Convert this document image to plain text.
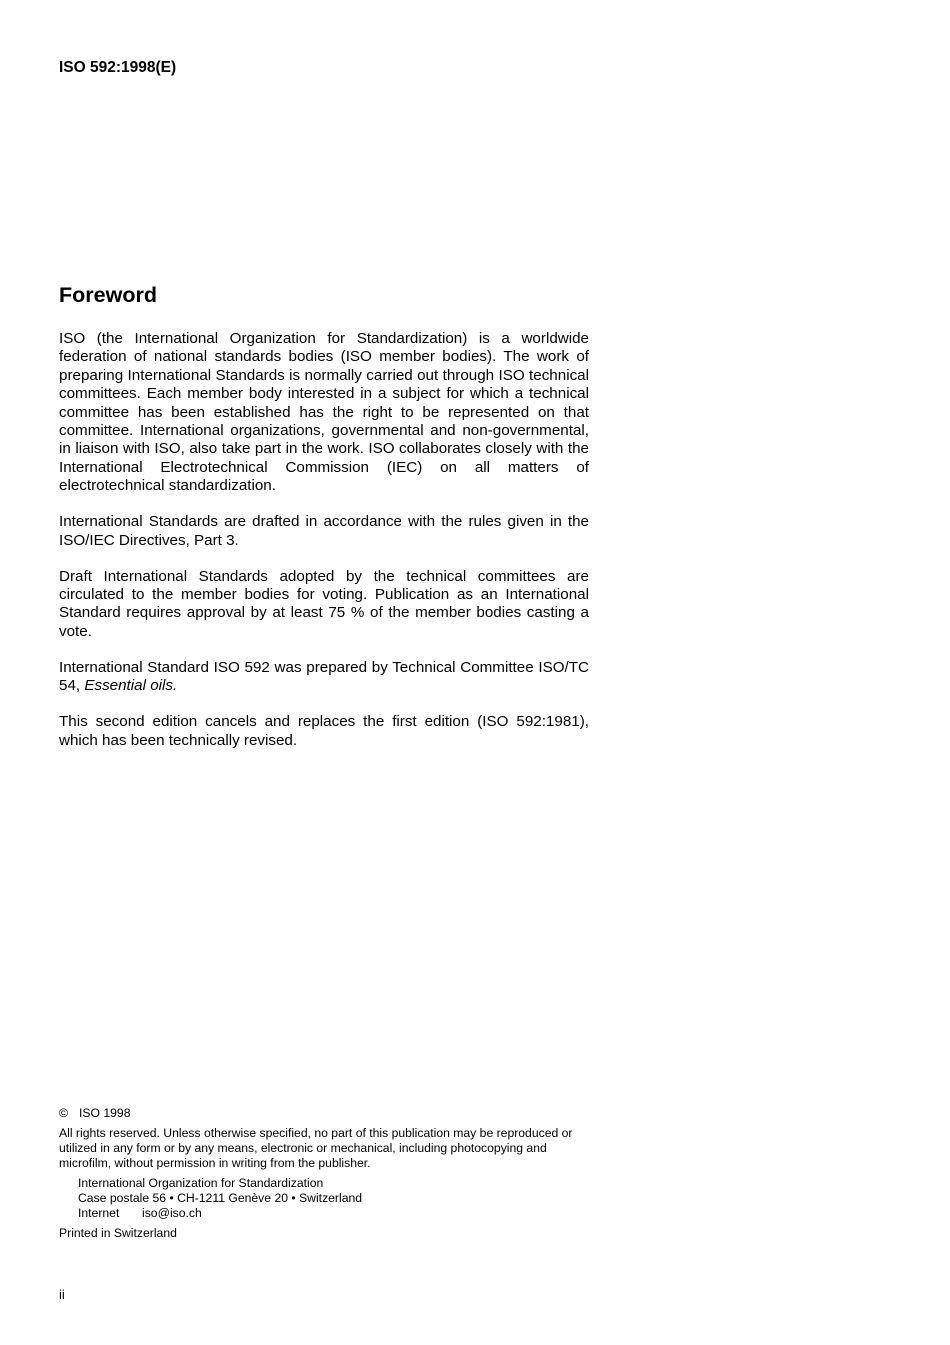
ISO 592:1998(E)

Foreword

ISO (the International Organization for Standardization) is a worldwide federation of national standards bodies (ISO member bodies). The work of preparing International Standards is normally carried out through ISO technical committees. Each member body interested in a subject for which a technical committee has been established has the right to be represented on that committee. International organizations, governmental and non-governmental, in liaison with ISO, also take part in the work. ISO collaborates closely with the International Electrotechnical Commission (IEC) on all matters of electrotechnical standardization.

International Standards are drafted in accordance with the rules given in the ISO/IEC Directives, Part 3.

Draft International Standards adopted by the technical committees are circulated to the member bodies for voting. Publication as an International Standard requires approval by at least 75 % of the member bodies casting a vote.

International Standard ISO 592 was prepared by Technical Committee ISO/TC 54, Essential oils.

This second edition cancels and replaces the first edition (ISO 592:1981), which has been technically revised.

© ISO 1998

All rights reserved. Unless otherwise specified, no part of this publication may be reproduced or utilized in any form or by any means, electronic or mechanical, including photocopying and microfilm, without permission in writing from the publisher.

International Organization for Standardization

Case postale 56 • CH-1211 Genève 20 • Switzerland

Internet iso@iso.ch

Printed in Switzerland

ii
